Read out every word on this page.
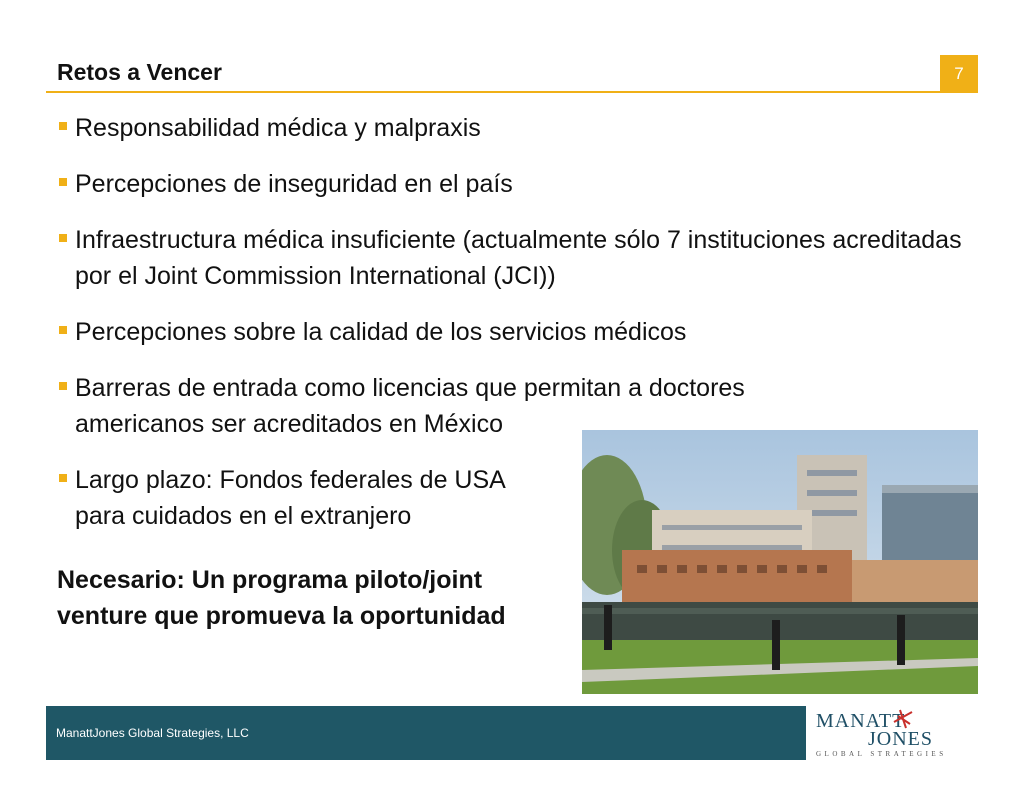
Retos a Vencer	7
Responsabilidad médica y malpraxis
Percepciones de inseguridad en el país
Infraestructura médica insuficiente (actualmente sólo 7 instituciones acreditadas por el Joint Commission International (JCI))
Percepciones sobre la calidad de los servicios médicos
Barreras de entrada como licencias que permitan a doctores americanos ser acreditados en México
Largo plazo: Fondos federales de USA para cuidados en el extranjero
Necesario: Un programa piloto/joint venture que promueva la oportunidad
ManattJones Global Strategies, LLC
MANATT
JONES
GLOBAL STRATEGIES
